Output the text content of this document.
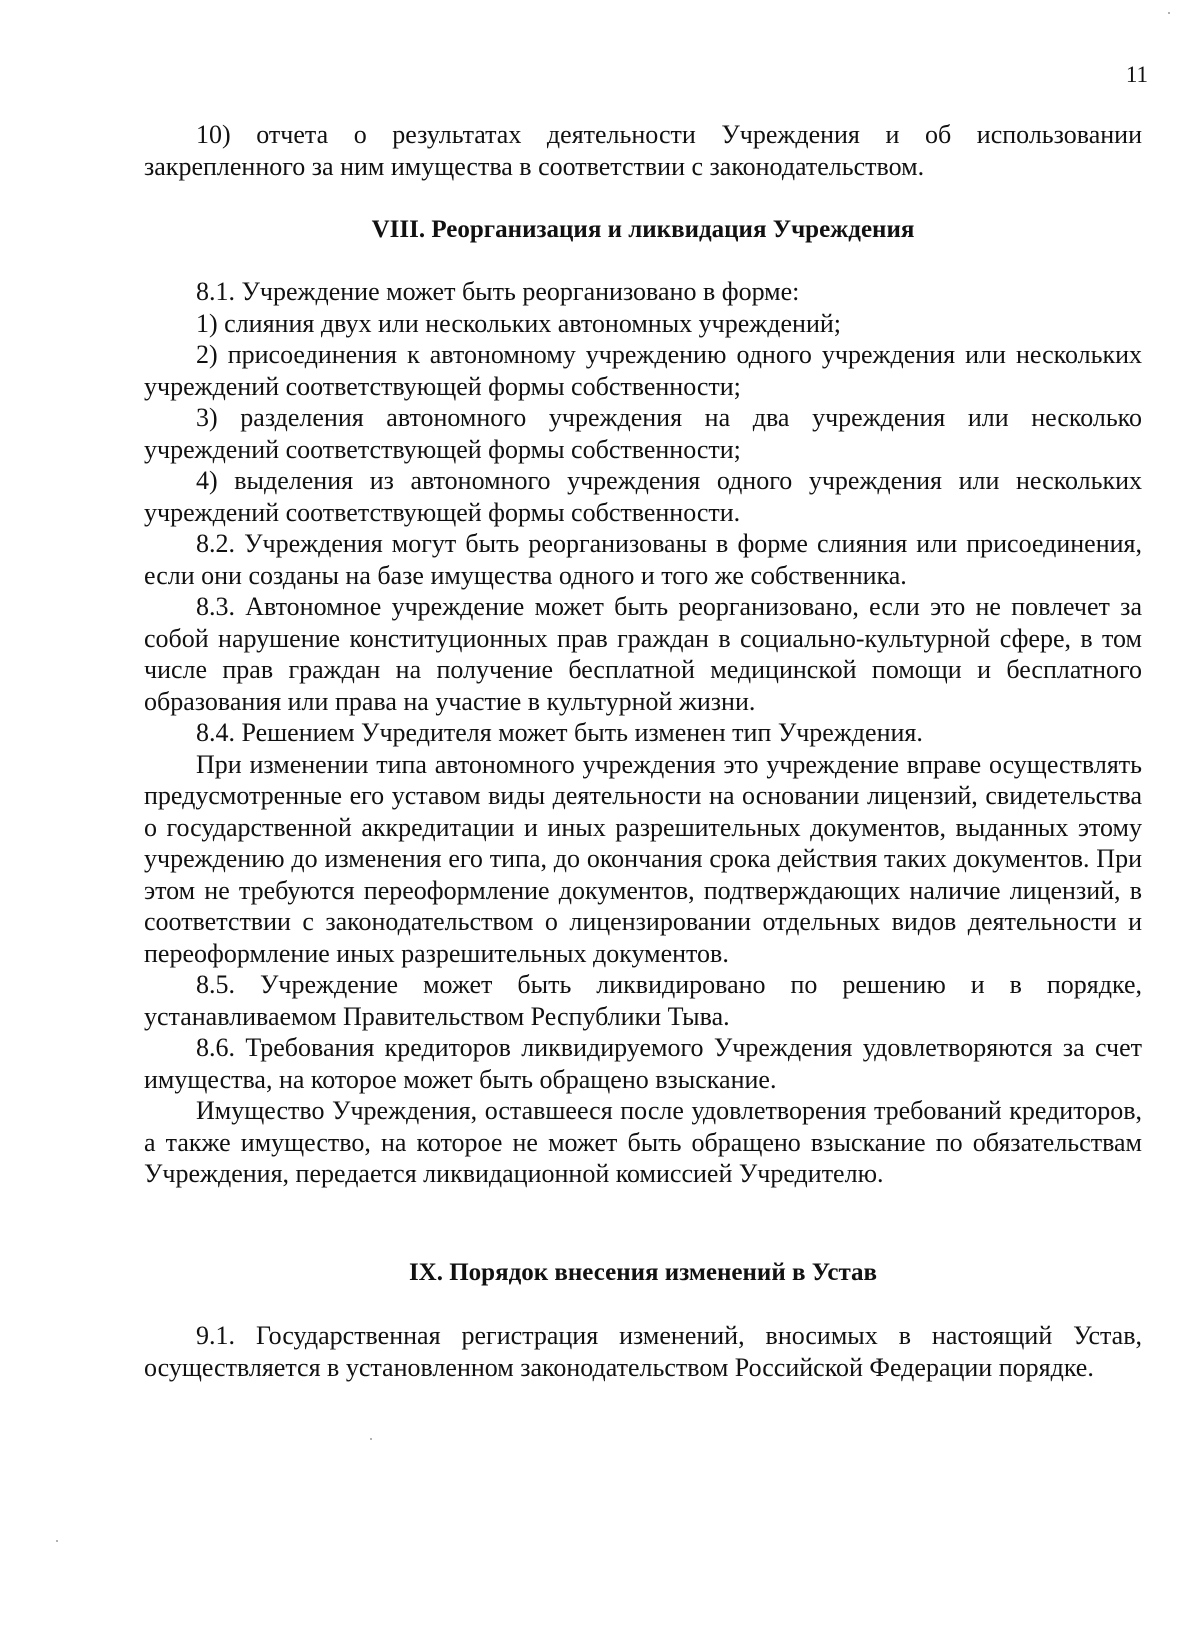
11

10) отчета о результатах деятельности Учреждения и об использовании закрепленного за ним имущества в соответствии с законодательством.

VIII. Реорганизация и ликвидация Учреждения

8.1. Учреждение может быть реорганизовано в форме:

1) слияния двух или нескольких автономных учреждений;

2) присоединения к автономному учреждению одного учреждения или нескольких учреждений соответствующей формы собственности;

3) разделения автономного учреждения на два учреждения или несколько учреждений соответствующей формы собственности;

4) выделения из автономного учреждения одного учреждения или нескольких учреждений соответствующей формы собственности.

8.2. Учреждения могут быть реорганизованы в форме слияния или присоединения, если они созданы на базе имущества одного и того же собственника.

8.3. Автономное учреждение может быть реорганизовано, если это не повлечет за собой нарушение конституционных прав граждан в социально-культурной сфере, в том числе прав граждан на получение бесплатной медицинской помощи и бесплатного образования или права на участие в культурной жизни.

8.4. Решением Учредителя может быть изменен тип Учреждения.

При изменении типа автономного учреждения это учреждение вправе осуществлять предусмотренные его уставом виды деятельности на основании лицензий, свидетельства о государственной аккредитации и иных разрешительных документов, выданных этому учреждению до изменения его типа, до окончания срока действия таких документов. При этом не требуются переоформление документов, подтверждающих наличие лицензий, в соответствии с законодательством о лицензировании отдельных видов деятельности и переоформление иных разрешительных документов.

8.5. Учреждение может быть ликвидировано по решению и в порядке, устанавливаемом Правительством Республики Тыва.

8.6. Требования кредиторов ликвидируемого Учреждения удовлетворяются за счет имущества, на которое может быть обращено взыскание.

Имущество Учреждения, оставшееся после удовлетворения требований кредиторов, а также имущество, на которое не может быть обращено взыскание по обязательствам Учреждения, передается ликвидационной комиссией Учредителю.

IX. Порядок внесения изменений в Устав

9.1. Государственная регистрация изменений, вносимых в настоящий Устав, осуществляется в установленном законодательством Российской Федерации порядке.
